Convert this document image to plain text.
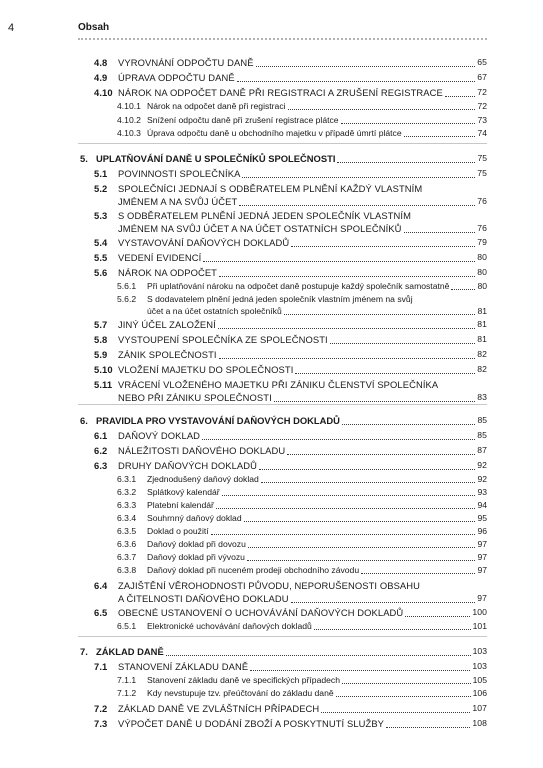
4	Obsah
4.8 VYROVNÁNÍ ODPOČTU DANĚ	65
4.9 ÚPRAVA ODPOČTU DANĚ	67
4.10 NÁROK NA ODPOČET DANĚ PŘI REGISTRACI A ZRUŠENÍ REGISTRACE	72
4.10.1 Nárok na odpočet daně při registraci	72
4.10.2 Snížení odpočtu daně při zrušení registrace plátce	73
4.10.3 Úprava odpočtu daně u obchodního majetku v případě úmrtí plátce	74
5. UPLATŇOVÁNÍ DANĚ U SPOLEČNÍKŮ SPOLEČNOSTI	75
5.1 POVINNOSTI SPOLEČNÍKA	75
5.2 SPOLEČNÍCI JEDNAJÍ S ODBĚRATELEM PLNĚNÍ KAŽDÝ VLASTNÍM
JMÉNEM A NA SVŮJ ÚČET	76
5.3 S ODBĚRATELEM PLNĚNÍ JEDNÁ JEDEN SPOLEČNÍK VLASTNÍM
JMÉNEM NA SVŮJ ÚČET A NA ÚČET OSTATNÍCH SPOLEČNÍKŮ	76
5.4 VYSTAVOVÁNÍ DAŇOVÝCH DOKLADŮ	79
5.5 VEDENÍ EVIDENCÍ	80
5.6 NÁROK NA ODPOČET	80
5.6.1 Při uplatňování nároku na odpočet daně postupuje každý společník samostatně	80
5.6.2 S dodavatelem plnění jedná jeden společník vlastním jménem na svůj
účet a na účet ostatních společníků	81
5.7 JINÝ ÚČEL ZALOŽENÍ	81
5.8 VYSTOUPENÍ SPOLEČNÍKA ZE SPOLEČNOSTI	81
5.9 ZÁNIK SPOLEČNOSTI	82
5.10 VLOŽENÍ MAJETKU DO SPOLEČNOSTI	82
5.11 VRÁCENÍ VLOŽENÉHO MAJETKU PŘI ZÁNIKU ČLENSTVÍ SPOLEČNÍKA
NEBO PŘI ZÁNIKU SPOLEČNOSTI	83
6. PRAVIDLA PRO VYSTAVOVÁNÍ DAŇOVÝCH DOKLADŮ	85
6.1 DAŇOVÝ DOKLAD	85
6.2 NÁLEŽITOSTI DAŇOVÉHO DOKLADU	87
6.3 DRUHY DAŇOVÝCH DOKLADŮ	92
6.3.1 Zjednodušený daňový doklad	92
6.3.2 Splátkový kalendář	93
6.3.3 Platební kalendář	94
6.3.4 Souhrnný daňový doklad	95
6.3.5 Doklad o použití	96
6.3.6 Daňový doklad při dovozu	97
6.3.7 Daňový doklad při vývozu	97
6.3.8 Daňový doklad při nuceném prodeji obchodního závodu	97
6.4 ZAJIŠTĚNÍ VĚROHODNOSTI PŮVODU, NEPORUŠENOSTI OBSAHU
A ČITELNOSTI DAŇOVÉHO DOKLADU	97
6.5 OBECNÉ USTANOVENÍ O UCHOVÁVÁNÍ DAŇOVÝCH DOKLADŮ	100
6.5.1 Elektronické uchovávání daňových dokladů	101
7. ZÁKLAD DANĚ	103
7.1 STANOVENÍ ZÁKLADU DANĚ	103
7.1.1 Stanovení základu daně ve specifických případech	105
7.1.2 Kdy nevstupuje tzv. přeúčtování do základu daně	106
7.2 ZÁKLAD DANĚ VE ZVLÁŠTNÍCH PŘÍPADECH	107
7.3 VÝPOČET DANĚ U DODÁNÍ ZBOŽÍ A POSKYTNUTÍ SLUŽBY	108
